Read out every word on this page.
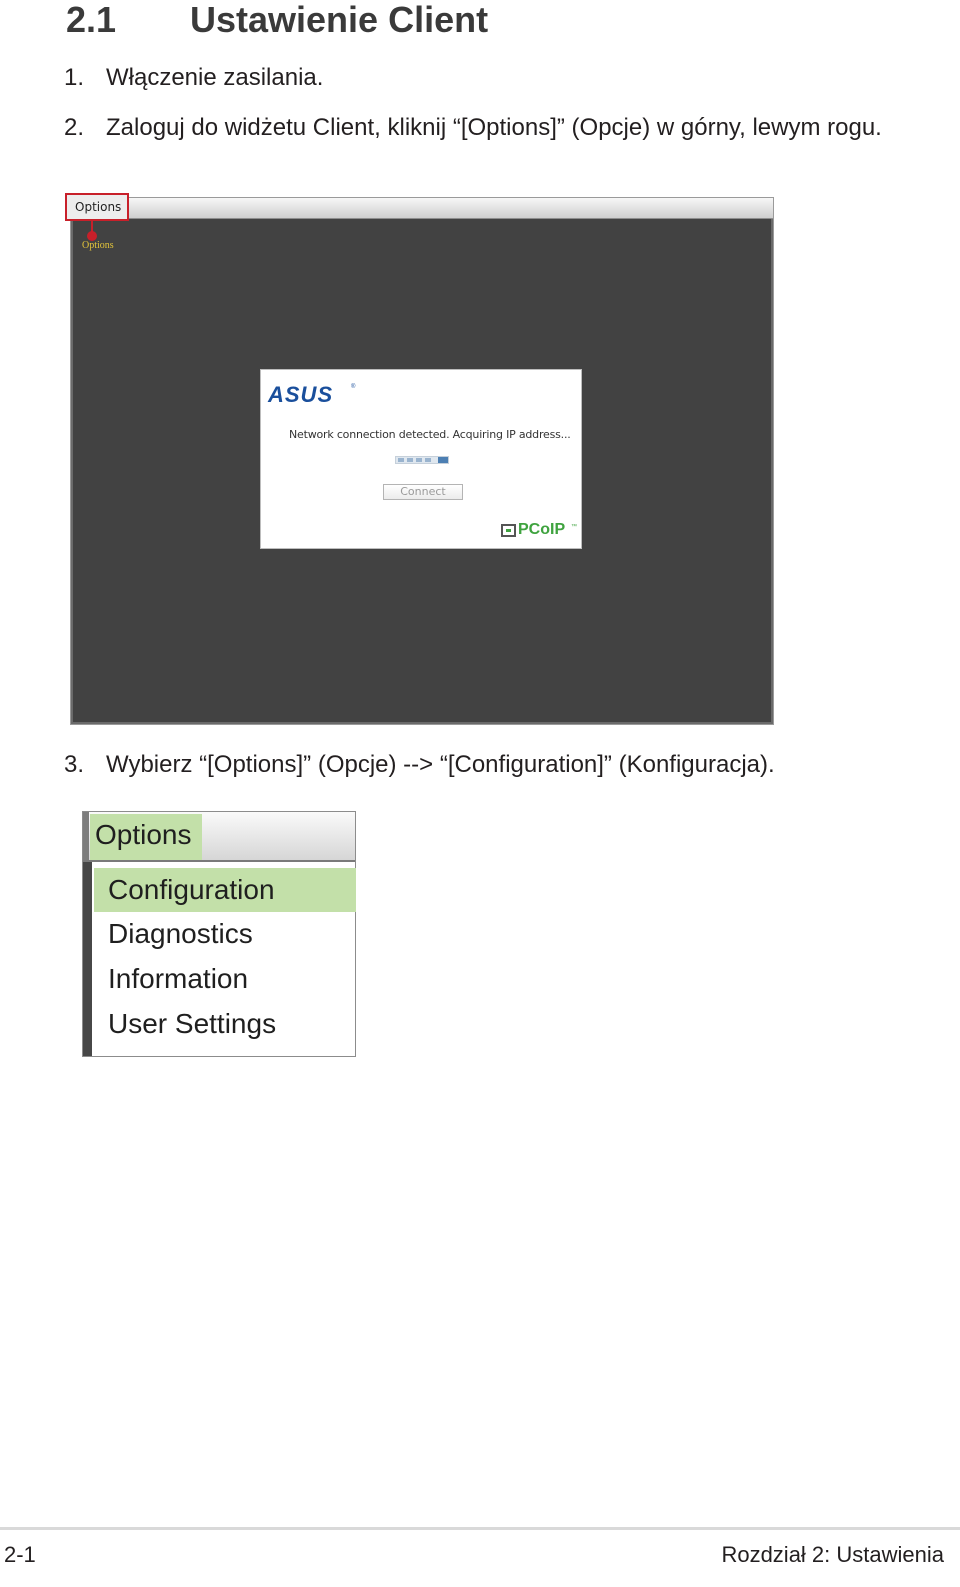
2.1 Ustawienie Client
1. Włączenie zasilania.
2. Zaloguj do widżetu Client, kliknij “[Options]” (Opcje) w górny, lewym rogu.
Options
Options
ASUS	®
Network connection detected. Acquiring IP address...
Connect
PCoIP ™
3. Wybierz “[Options]” (Opcje) --> “[Configuration]” (Konfiguracja).
Options
Configuration
Diagnostics
Information
User Settings
2-1	Rozdział 2: Ustawienia
